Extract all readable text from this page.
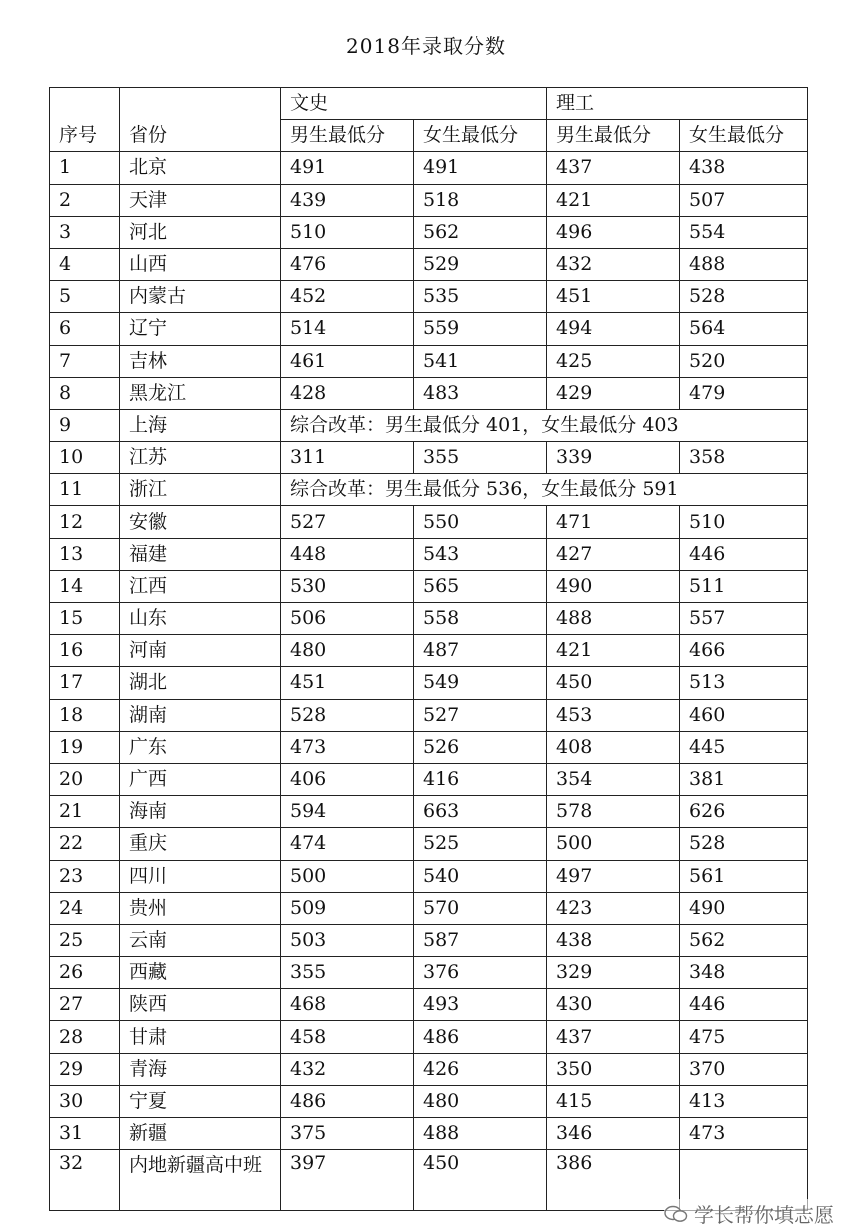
2018年录取分数
序号	省份	文史		理工	
		男生最低分	女生最低分	男生最低分	女生最低分
1	北京	491	491	437	438
2	天津	439	518	421	507
3	河北	510	562	496	554
4	山西	476	529	432	488
5	内蒙古	452	535	451	528
6	辽宁	514	559	494	564
7	吉林	461	541	425	520
8	黑龙江	428	483	429	479
9	上海	综合改革：男生最低分 401，女生最低分 403			
10	江苏	311	355	339	358
11	浙江	综合改革：男生最低分 536，女生最低分 591			
12	安徽	527	550	471	510
13	福建	448	543	427	446
14	江西	530	565	490	511
15	山东	506	558	488	557
16	河南	480	487	421	466
17	湖北	451	549	450	513
18	湖南	528	527	453	460
19	广东	473	526	408	445
20	广西	406	416	354	381
21	海南	594	663	578	626
22	重庆	474	525	500	528
23	四川	500	540	497	561
24	贵州	509	570	423	490
25	云南	503	587	438	562
26	西藏	355	376	329	348
27	陕西	468	493	430	446
28	甘肃	458	486	437	475
29	青海	432	426	350	370
30	宁夏	486	480	415	413
31	新疆	375	488	346	473
32	内地新疆高中班	397	450	386	
学长帮你填志愿
